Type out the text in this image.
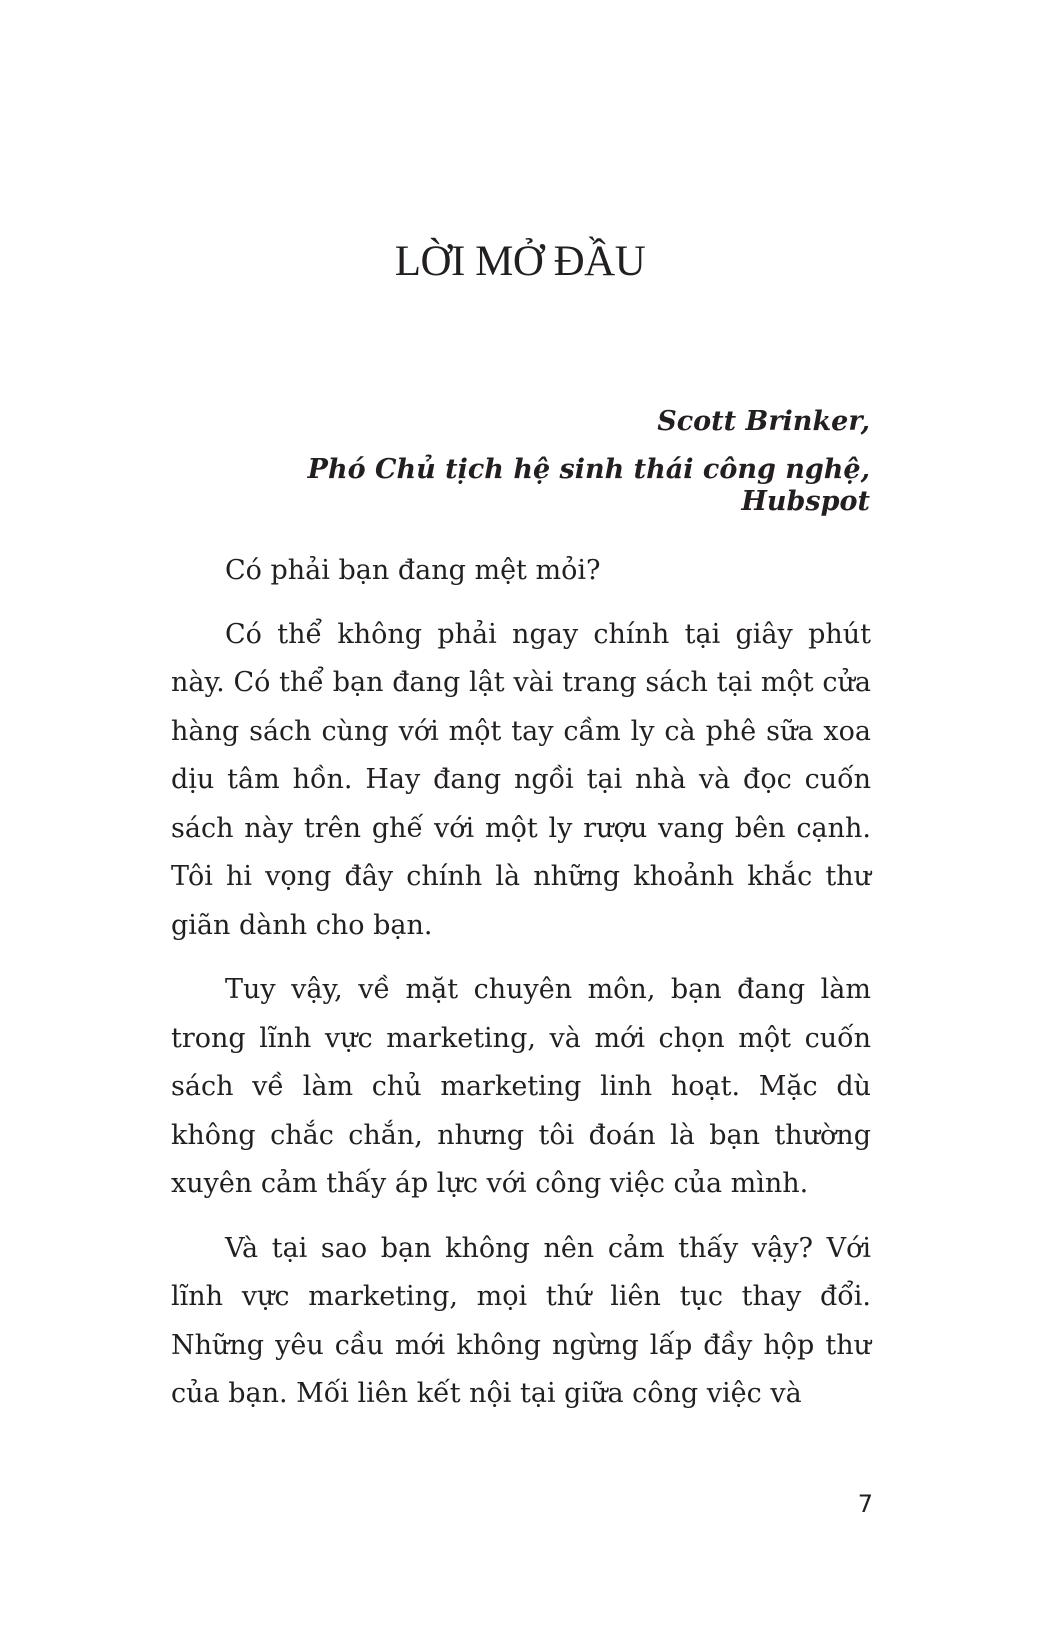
LỜI MỞ ĐẦU

Scott Brinker,

Phó Chủ tịch hệ sinh thái công nghệ, Hubspot

Có phải bạn đang mệt mỏi?

Có thể không phải ngay chính tại giây phút này. Có thể bạn đang lật vài trang sách tại một cửa hàng sách cùng với một tay cầm ly cà phê sữa xoa dịu tâm hồn. Hay đang ngồi tại nhà và đọc cuốn sách này trên ghế với một ly rượu vang bên cạnh. Tôi hi vọng đây chính là những khoảnh khắc thư giãn dành cho bạn.

Tuy vậy, về mặt chuyên môn, bạn đang làm trong lĩnh vực marketing, và mới chọn một cuốn sách về làm chủ marketing linh hoạt. Mặc dù không chắc chắn, nhưng tôi đoán là bạn thường xuyên cảm thấy áp lực với công việc của mình.

Và tại sao bạn không nên cảm thấy vậy? Với lĩnh vực marketing, mọi thứ liên tục thay đổi. Những yêu cầu mới không ngừng lấp đầy hộp thư của bạn. Mối liên kết nội tại giữa công việc và

7
